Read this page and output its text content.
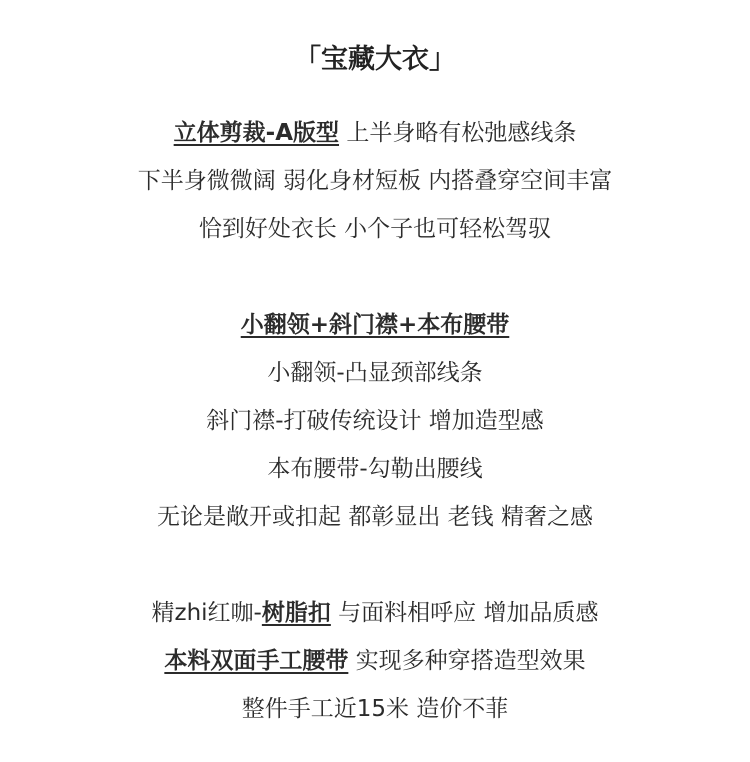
「宝藏大衣」
立体剪裁-A版型 上半身略有松弛感线条
下半身微微阔 弱化身材短板 内搭叠穿空间丰富
恰到好处衣长 小个子也可轻松驾驭
小翻领+斜门襟+本布腰带
小翻领-凸显颈部线条
斜门襟-打破传统设计 增加造型感
本布腰带-勾勒出腰线
无论是敞开或扣起 都彰显出 老钱 精奢之感
精zhi红咖-树脂扣 与面料相呼应 增加品质感
本料双面手工腰带 实现多种穿搭造型效果
整件手工近15米 造价不菲
